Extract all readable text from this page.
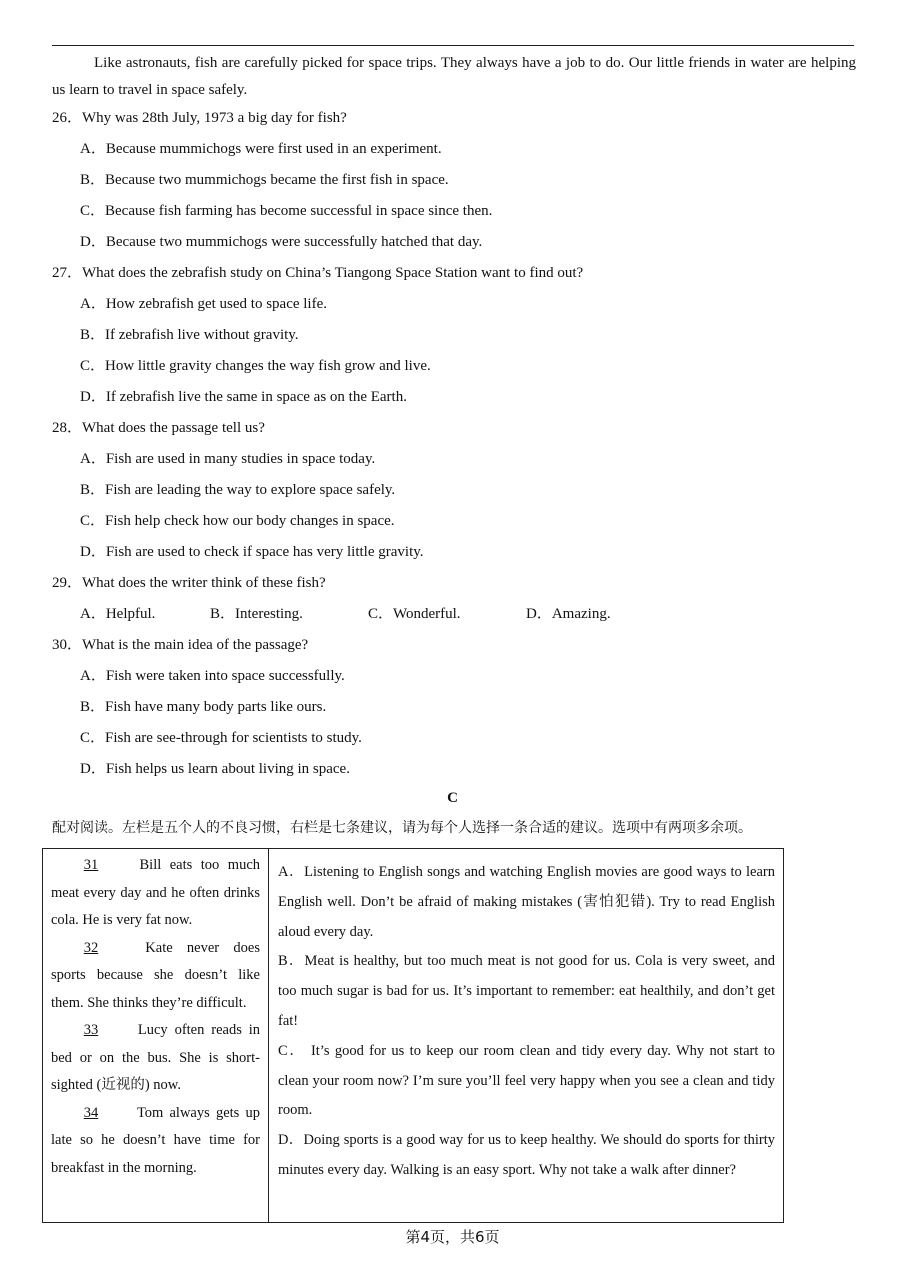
Like astronauts, fish are carefully picked for space trips. They always have a job to do. Our little friends in water are helping us learn to travel in space safely.

26．Why was 28th July, 1973 a big day for fish?
A．Because mummichogs were first used in an experiment.
B．Because two mummichogs became the first fish in space.
C．Because fish farming has become successful in space since then.
D．Because two mummichogs were successfully hatched that day.
27．What does the zebrafish study on China’s Tiangong Space Station want to find out?
A．How zebrafish get used to space life.
B．If zebrafish live without gravity.
C．How little gravity changes the way fish grow and live.
D．If zebrafish live the same in space as on the Earth.
28．What does the passage tell us?
A．Fish are used in many studies in space today.
B．Fish are leading the way to explore space safely.
C．Fish help check how our body changes in space.
D．Fish are used to check if space has very little gravity.
29．What does the writer think of these fish?
A．Helpful.	B．Interesting.	C．Wonderful.	D．Amazing.
30．What is the main idea of the passage?
A．Fish were taken into space successfully.
B．Fish have many body parts like ours.
C．Fish are see-through for scientists to study.
D．Fish helps us learn about living in space.
C
配对阅读。左栏是五个人的不良习惯，右栏是七条建议，请为每个人选择一条合适的建议。选项中有两项多余项。

31	Bill eats too much meat every day and he often drinks cola. He is very fat now.

32	Kate never does sports because she doesn’t like them. She thinks they’re difficult.

33	Lucy often reads in bed or on the bus. She is short-sighted (近视的) now.

34	Tom always gets up late so he doesn’t have time for breakfast in the morning.

A．Listening to English songs and watching English movies are good ways to learn English well. Don’t be afraid of making mistakes (害怕犯错). Try to read English aloud every day.

B．Meat is healthy, but too much meat is not good for us. Cola is very sweet, and too much sugar is bad for us. It’s important to remember: eat healthily, and don’t get fat!

C． It’s good for us to keep our room clean and tidy every day. Why not start to clean your room now? I’m sure you’ll feel very happy when you see a clean and tidy room.

D．Doing sports is a good way for us to keep healthy. We should do sports for thirty minutes every day. Walking is an easy sport. Why not take a walk after dinner?

第4页，共6页
